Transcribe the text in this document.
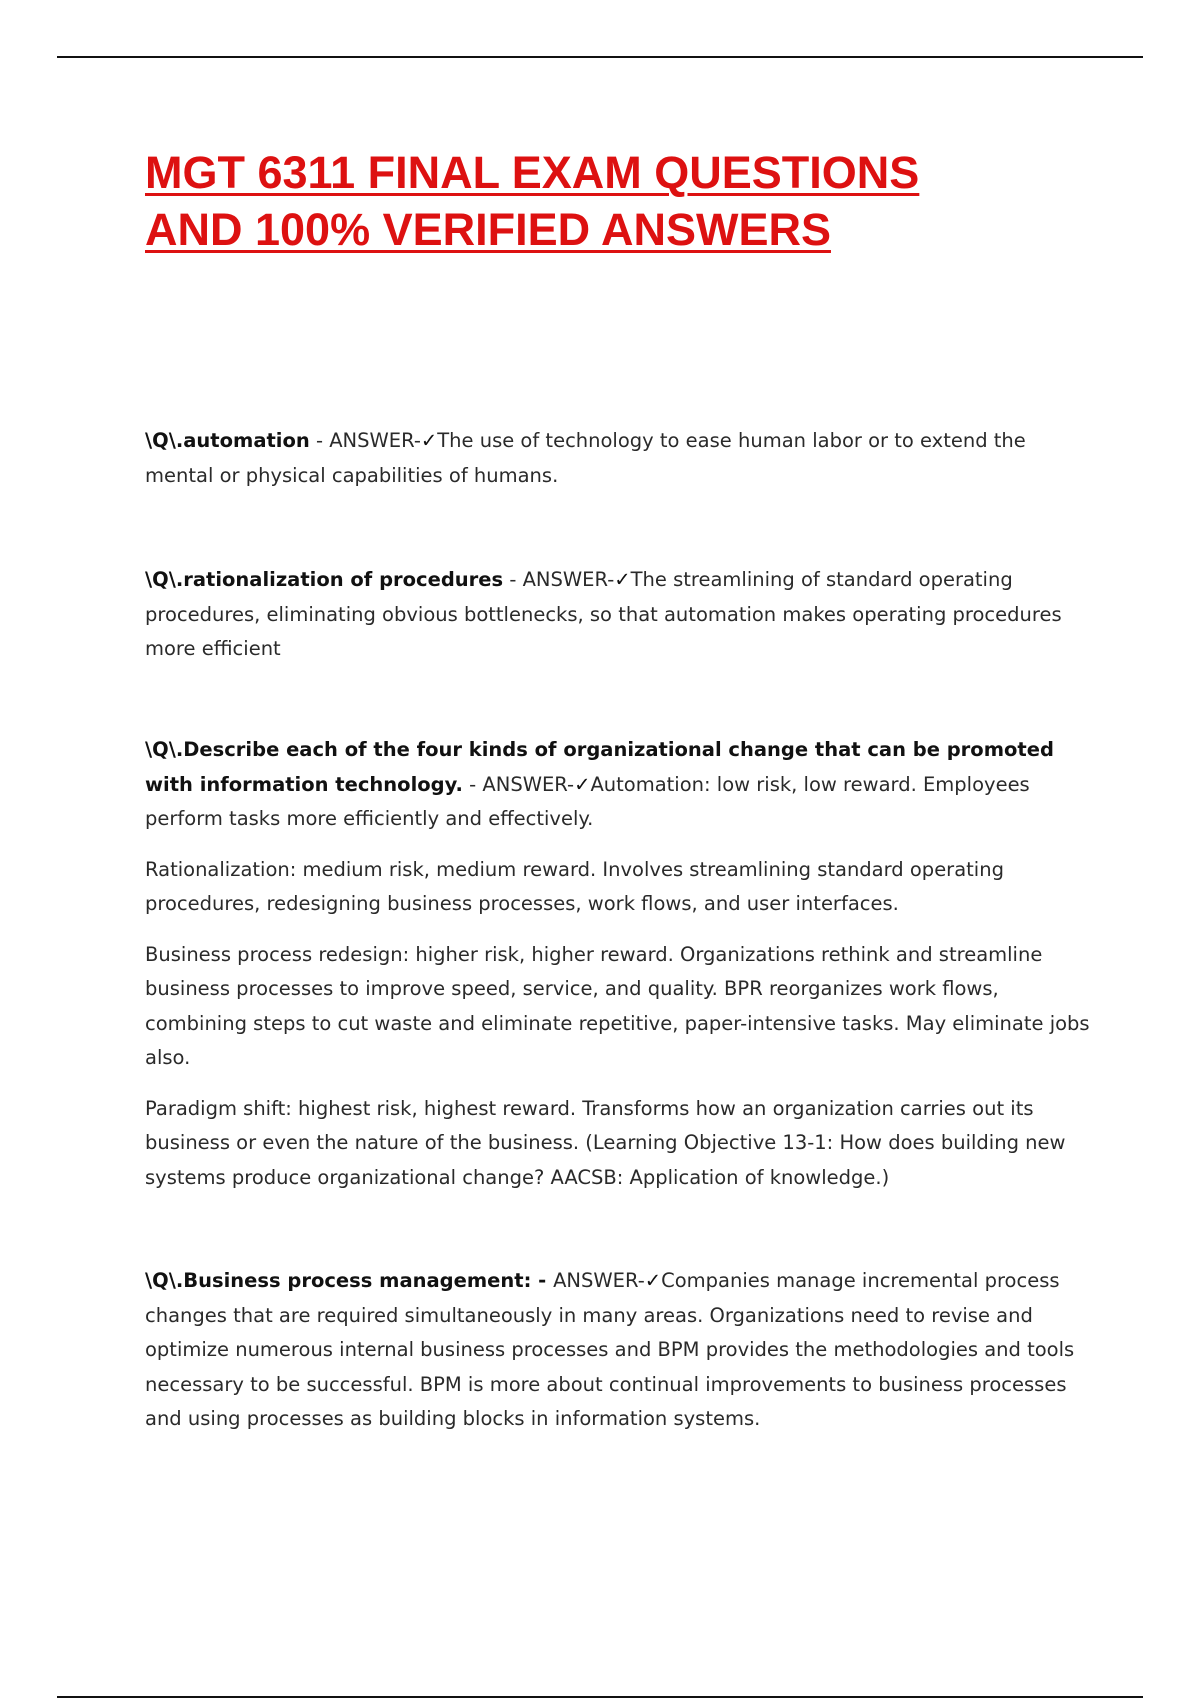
MGT 6311 FINAL EXAM QUESTIONS
AND 100% VERIFIED ANSWERS

\Q\.automation - ANSWER-✓The use of technology to ease human labor or to extend the mental or physical capabilities of humans.

\Q\.rationalization of procedures - ANSWER-✓The streamlining of standard operating procedures, eliminating obvious bottlenecks, so that automation makes operating procedures more efficient

\Q\.Describe each of the four kinds of organizational change that can be promoted with information technology. - ANSWER-✓Automation: low risk, low reward. Employees perform tasks more efficiently and effectively.

Rationalization: medium risk, medium reward. Involves streamlining standard operating procedures, redesigning business processes, work flows, and user interfaces.

Business process redesign: higher risk, higher reward. Organizations rethink and streamline business processes to improve speed, service, and quality. BPR reorganizes work flows, combining steps to cut waste and eliminate repetitive, paper-intensive tasks. May eliminate jobs also.

Paradigm shift: highest risk, highest reward. Transforms how an organization carries out its business or even the nature of the business. (Learning Objective 13-1: How does building new systems produce organizational change? AACSB: Application of knowledge.)

\Q\.Business process management: - ANSWER-✓Companies manage incremental process changes that are required simultaneously in many areas. Organizations need to revise and optimize numerous internal business processes and BPM provides the methodologies and tools necessary to be successful. BPM is more about continual improvements to business processes and using processes as building blocks in information systems.
